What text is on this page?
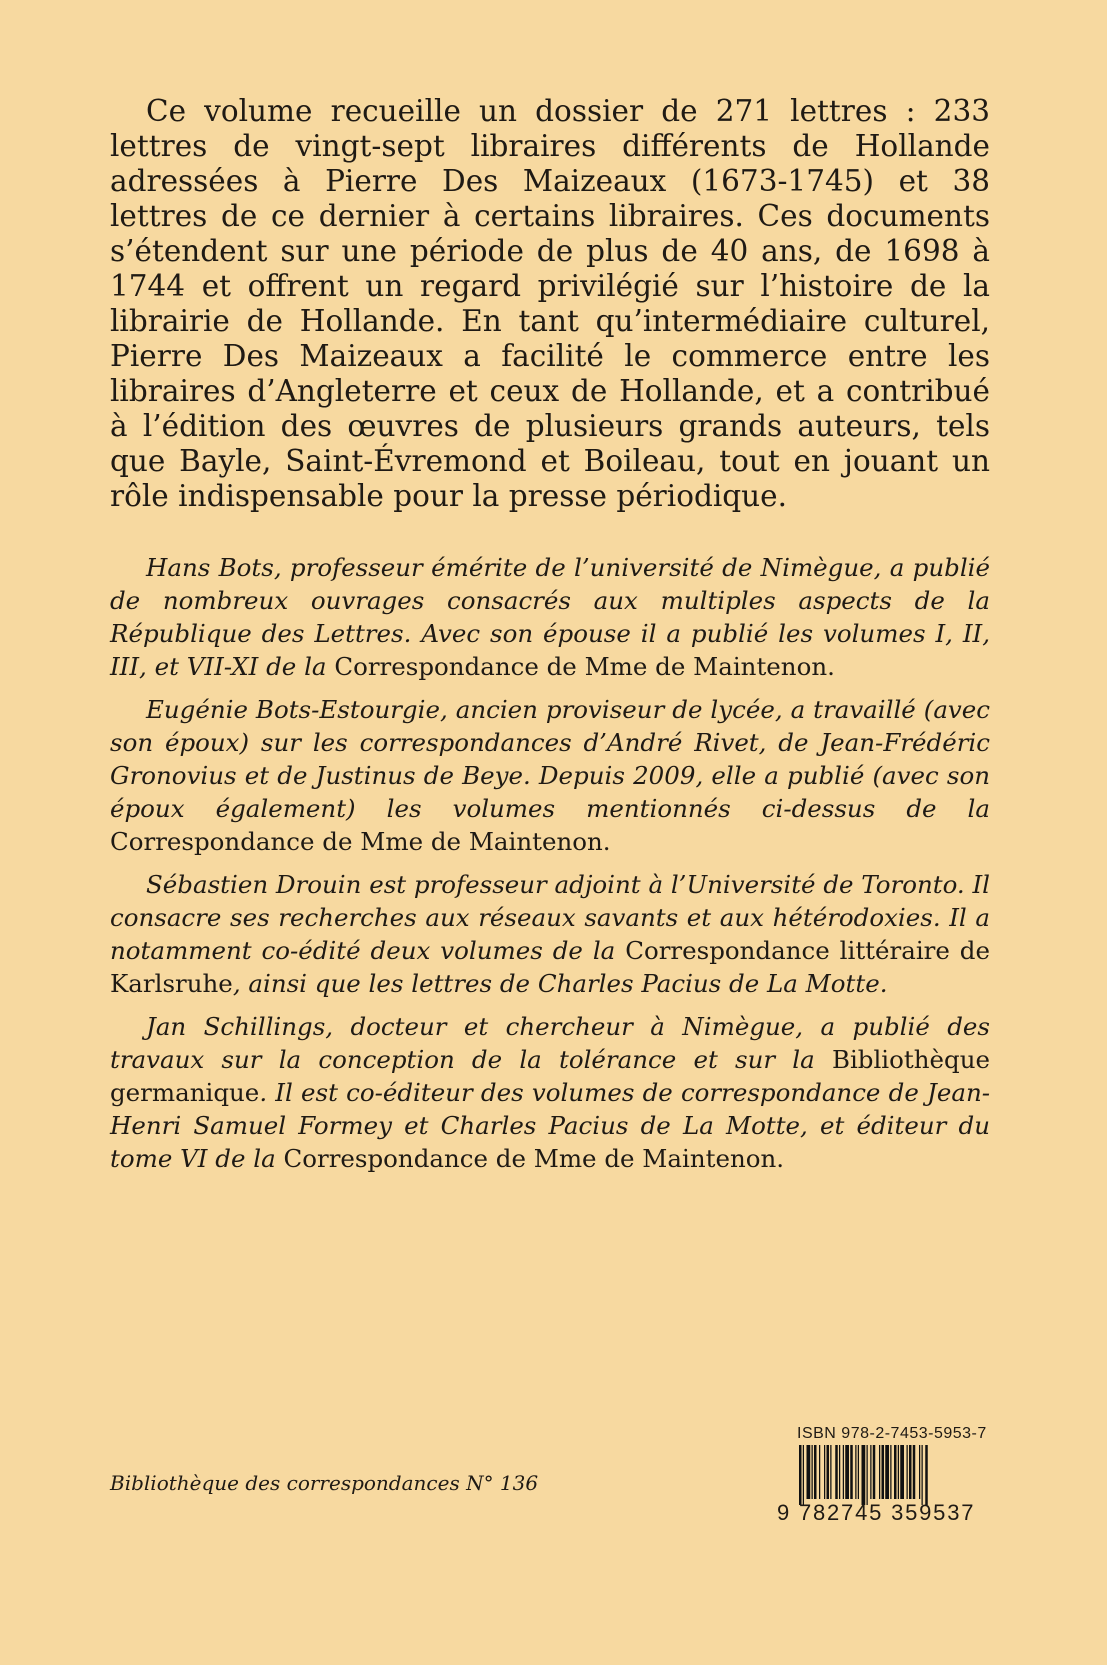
Ce volume recueille un dossier de 271 lettres : 233 lettres de vingt-sept libraires différents de Hollande adressées à Pierre Des Maizeaux (1673-1745) et 38 lettres de ce dernier à certains libraires. Ces documents s’étendent sur une période de plus de 40 ans, de 1698 à 1744 et offrent un regard privilégié sur l’histoire de la librairie de Hollande. En tant qu’intermédiaire culturel, Pierre Des Maizeaux a facilité le commerce entre les libraires d’Angleterre et ceux de Hollande, et a contribué à l’édition des œuvres de plusieurs grands auteurs, tels que Bayle, Saint-Évremond et Boileau, tout en jouant un rôle indispensable pour la presse périodique.

Hans Bots, professeur émérite de l’université de Nimègue, a publié de nombreux ouvrages consacrés aux multiples aspects de la République des Lettres. Avec son épouse il a publié les volumes I, II, III, et VII-XI de la Correspondance de Mme de Maintenon.

Eugénie Bots-Estourgie, ancien proviseur de lycée, a travaillé (avec son époux) sur les correspondances d’André Rivet, de Jean-Frédéric Gronovius et de Justinus de Beye. Depuis 2009, elle a publié (avec son époux également) les volumes mentionnés ci-dessus de la Correspondance de Mme de Maintenon.

Sébastien Drouin est professeur adjoint à l’Université de Toronto. Il consacre ses recherches aux réseaux savants et aux hétérodoxies. Il a notamment co-édité deux volumes de la Correspondance littéraire de Karlsruhe, ainsi que les lettres de Charles Pacius de La Motte.

Jan Schillings, docteur et chercheur à Nimègue, a publié des travaux sur la conception de la tolérance et sur la Bibliothèque germanique. Il est co-éditeur des volumes de correspondance de Jean-Henri Samuel Formey et Charles Pacius de La Motte, et éditeur du tome VI de la Correspondance de Mme de Maintenon.

Bibliothèque des correspondances N° 136

ISBN 978-2-7453-5953-7
9 782745 359537
